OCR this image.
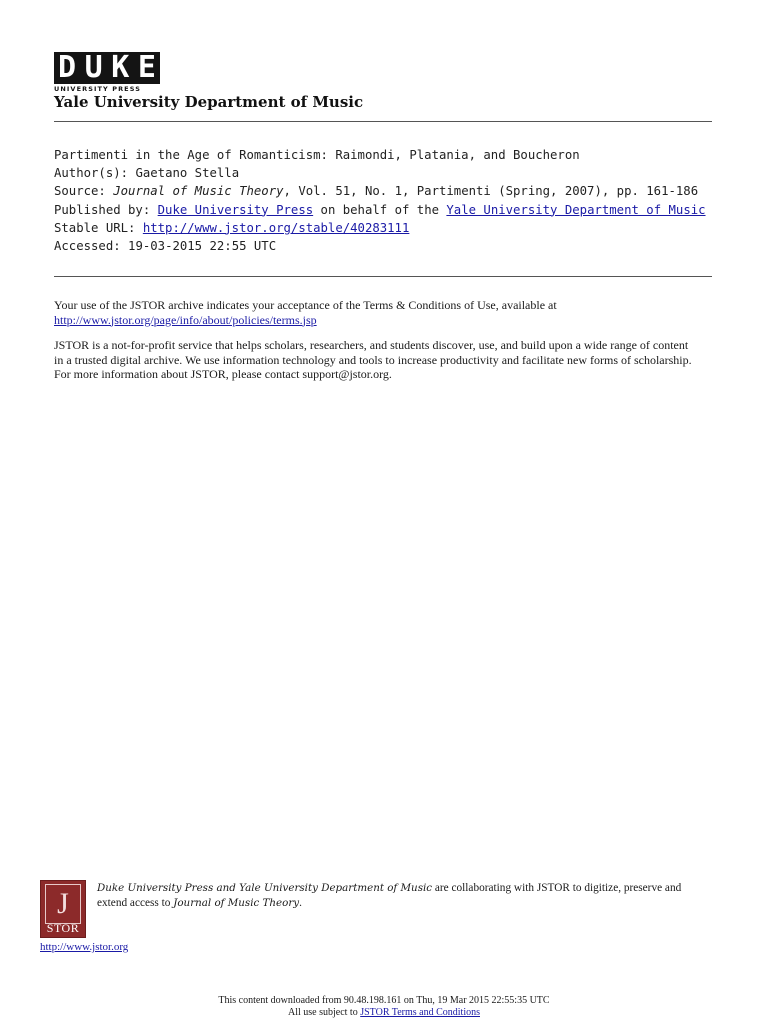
D U K E
UNIVERSITY PRESS
Yale University Department of Music
Partimenti in the Age of Romanticism: Raimondi, Platania, and Boucheron
Author(s): Gaetano Stella
Source: Journal of Music Theory, Vol. 51, No. 1, Partimenti (Spring, 2007), pp. 161-186
Published by: Duke University Press on behalf of the Yale University Department of Music
Stable URL: http://www.jstor.org/stable/40283111
Accessed: 19-03-2015 22:55 UTC

Your use of the JSTOR archive indicates your acceptance of the Terms & Conditions of Use, available at
http://www.jstor.org/page/info/about/policies/terms.jsp

JSTOR is a not-for-profit service that helps scholars, researchers, and students discover, use, and build upon a wide range of content
in a trusted digital archive. We use information technology and tools to increase productivity and facilitate new forms of scholarship.
For more information about JSTOR, please contact support@jstor.org.

J
STOR
Duke University Press and Yale University Department of Music are collaborating with JSTOR to digitize, preserve and
extend access to Journal of Music Theory.
http://www.jstor.org
This content downloaded from 90.48.198.161 on Thu, 19 Mar 2015 22:55:35 UTC
All use subject to JSTOR Terms and Conditions
